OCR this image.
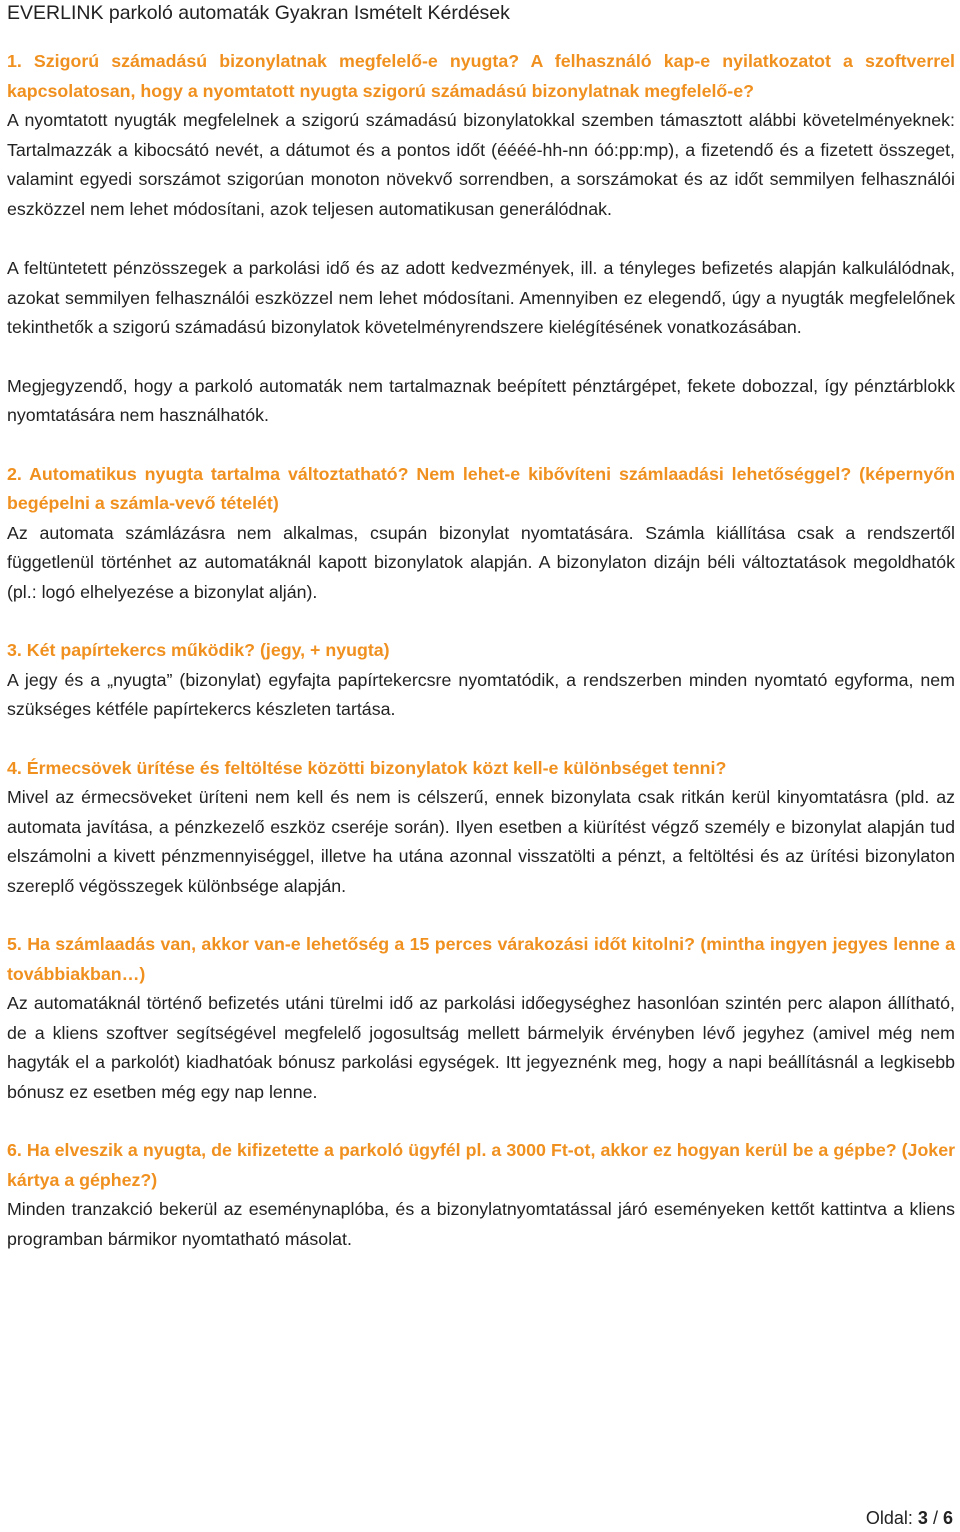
EVERLINK parkoló automaták Gyakran Ismételt Kérdések

1. Szigorú számadású bizonylatnak megfelelő-e nyugta? A felhasználó kap-e nyilatkozatot a szoftverrel kapcsolatosan, hogy a nyomtatott nyugta szigorú számadású bizonylatnak megfelelő-e?

A nyomtatott nyugták megfelelnek a szigorú számadású bizonylatokkal szemben támasztott alábbi követelményeknek: Tartalmazzák a kibocsátó nevét, a dátumot és a pontos időt (éééé-hh-nn óó:pp:mp), a fizetendő és a fizetett összeget, valamint egyedi sorszámot szigorúan monoton növekvő sorrendben, a sorszámokat és az időt semmilyen felhasználói eszközzel nem lehet módosítani, azok teljesen automatikusan generálódnak.

A feltüntetett pénzösszegek a parkolási idő és az adott kedvezmények, ill. a tényleges befizetés alapján kalkulálódnak, azokat semmilyen felhasználói eszközzel nem lehet módosítani. Amennyiben ez elegendő, úgy a nyugták megfelelőnek tekinthetők a szigorú számadású bizonylatok követelményrendszere kielégítésének vonatkozásában.

Megjegyzendő, hogy a parkoló automaták nem tartalmaznak beépített pénztárgépet, fekete dobozzal, így pénztárblokk nyomtatására nem használhatók.

2. Automatikus nyugta tartalma változtatható? Nem lehet-e kibővíteni számlaadási lehetőséggel? (képernyőn begépelni a számla-vevő tételét)

Az automata számlázásra nem alkalmas, csupán bizonylat nyomtatására. Számla kiállítása csak a rendszertől függetlenül történhet az automatáknál kapott bizonylatok alapján. A bizonylaton dizájn béli változtatások megoldhatók (pl.: logó elhelyezése a bizonylat alján).

3. Két papírtekercs működik? (jegy, + nyugta)

A jegy és a „nyugta” (bizonylat) egyfajta papírtekercsre nyomtatódik, a rendszerben minden nyomtató egyforma, nem szükséges kétféle papírtekercs készleten tartása.

4. Érmecsövek ürítése és feltöltése közötti bizonylatok közt kell-e különbséget tenni?

Mivel az érmecsöveket üríteni nem kell és nem is célszerű, ennek bizonylata csak ritkán kerül kinyomtatásra (pld. az automata javítása, a pénzkezelő eszköz cseréje során). Ilyen esetben a kiürítést végző személy e bizonylat alapján tud elszámolni a kivett pénzmennyiséggel, illetve ha utána azonnal visszatölti a pénzt, a feltöltési és az ürítési bizonylaton szereplő végösszegek különbsége alapján.

5. Ha számlaadás van, akkor van-e lehetőség a 15 perces várakozási időt kitolni? (mintha ingyen jegyes lenne a továbbiakban…)

Az automatáknál történő befizetés utáni türelmi idő az parkolási időegységhez hasonlóan szintén perc alapon állítható, de a kliens szoftver segítségével megfelelő jogosultság mellett bármelyik érvényben lévő jegyhez (amivel még nem hagyták el a parkolót) kiadhatóak bónusz parkolási egységek. Itt jegyeznénk meg, hogy a napi beállításnál a legkisebb bónusz ez esetben még egy nap lenne.

6. Ha elveszik a nyugta, de kifizetette a parkoló ügyfél pl. a 3000 Ft-ot, akkor ez hogyan kerül be a gépbe? (Joker kártya a géphez?)

Minden tranzakció bekerül az eseménynaplóba, és a bizonylatnyomtatással járó eseményeken kettőt kattintva a kliens programban bármikor nyomtatható másolat.

Oldal: 3 / 6
